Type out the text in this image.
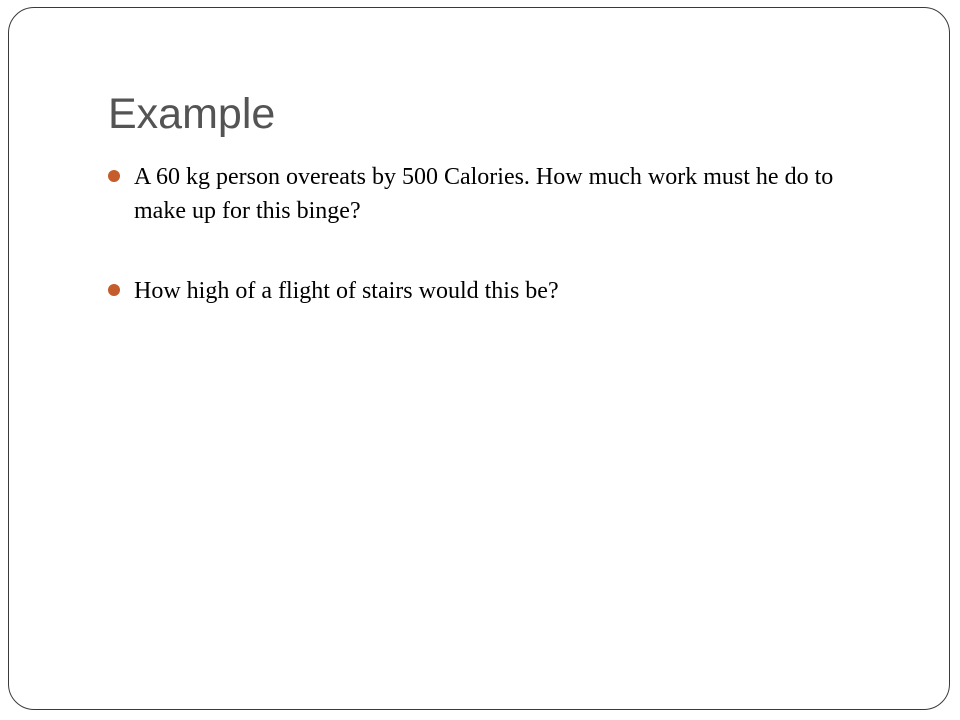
Example
A 60 kg person overeats by 500 Calories. How much work must he do to make up for this binge?
How high of a flight of stairs would this be?
